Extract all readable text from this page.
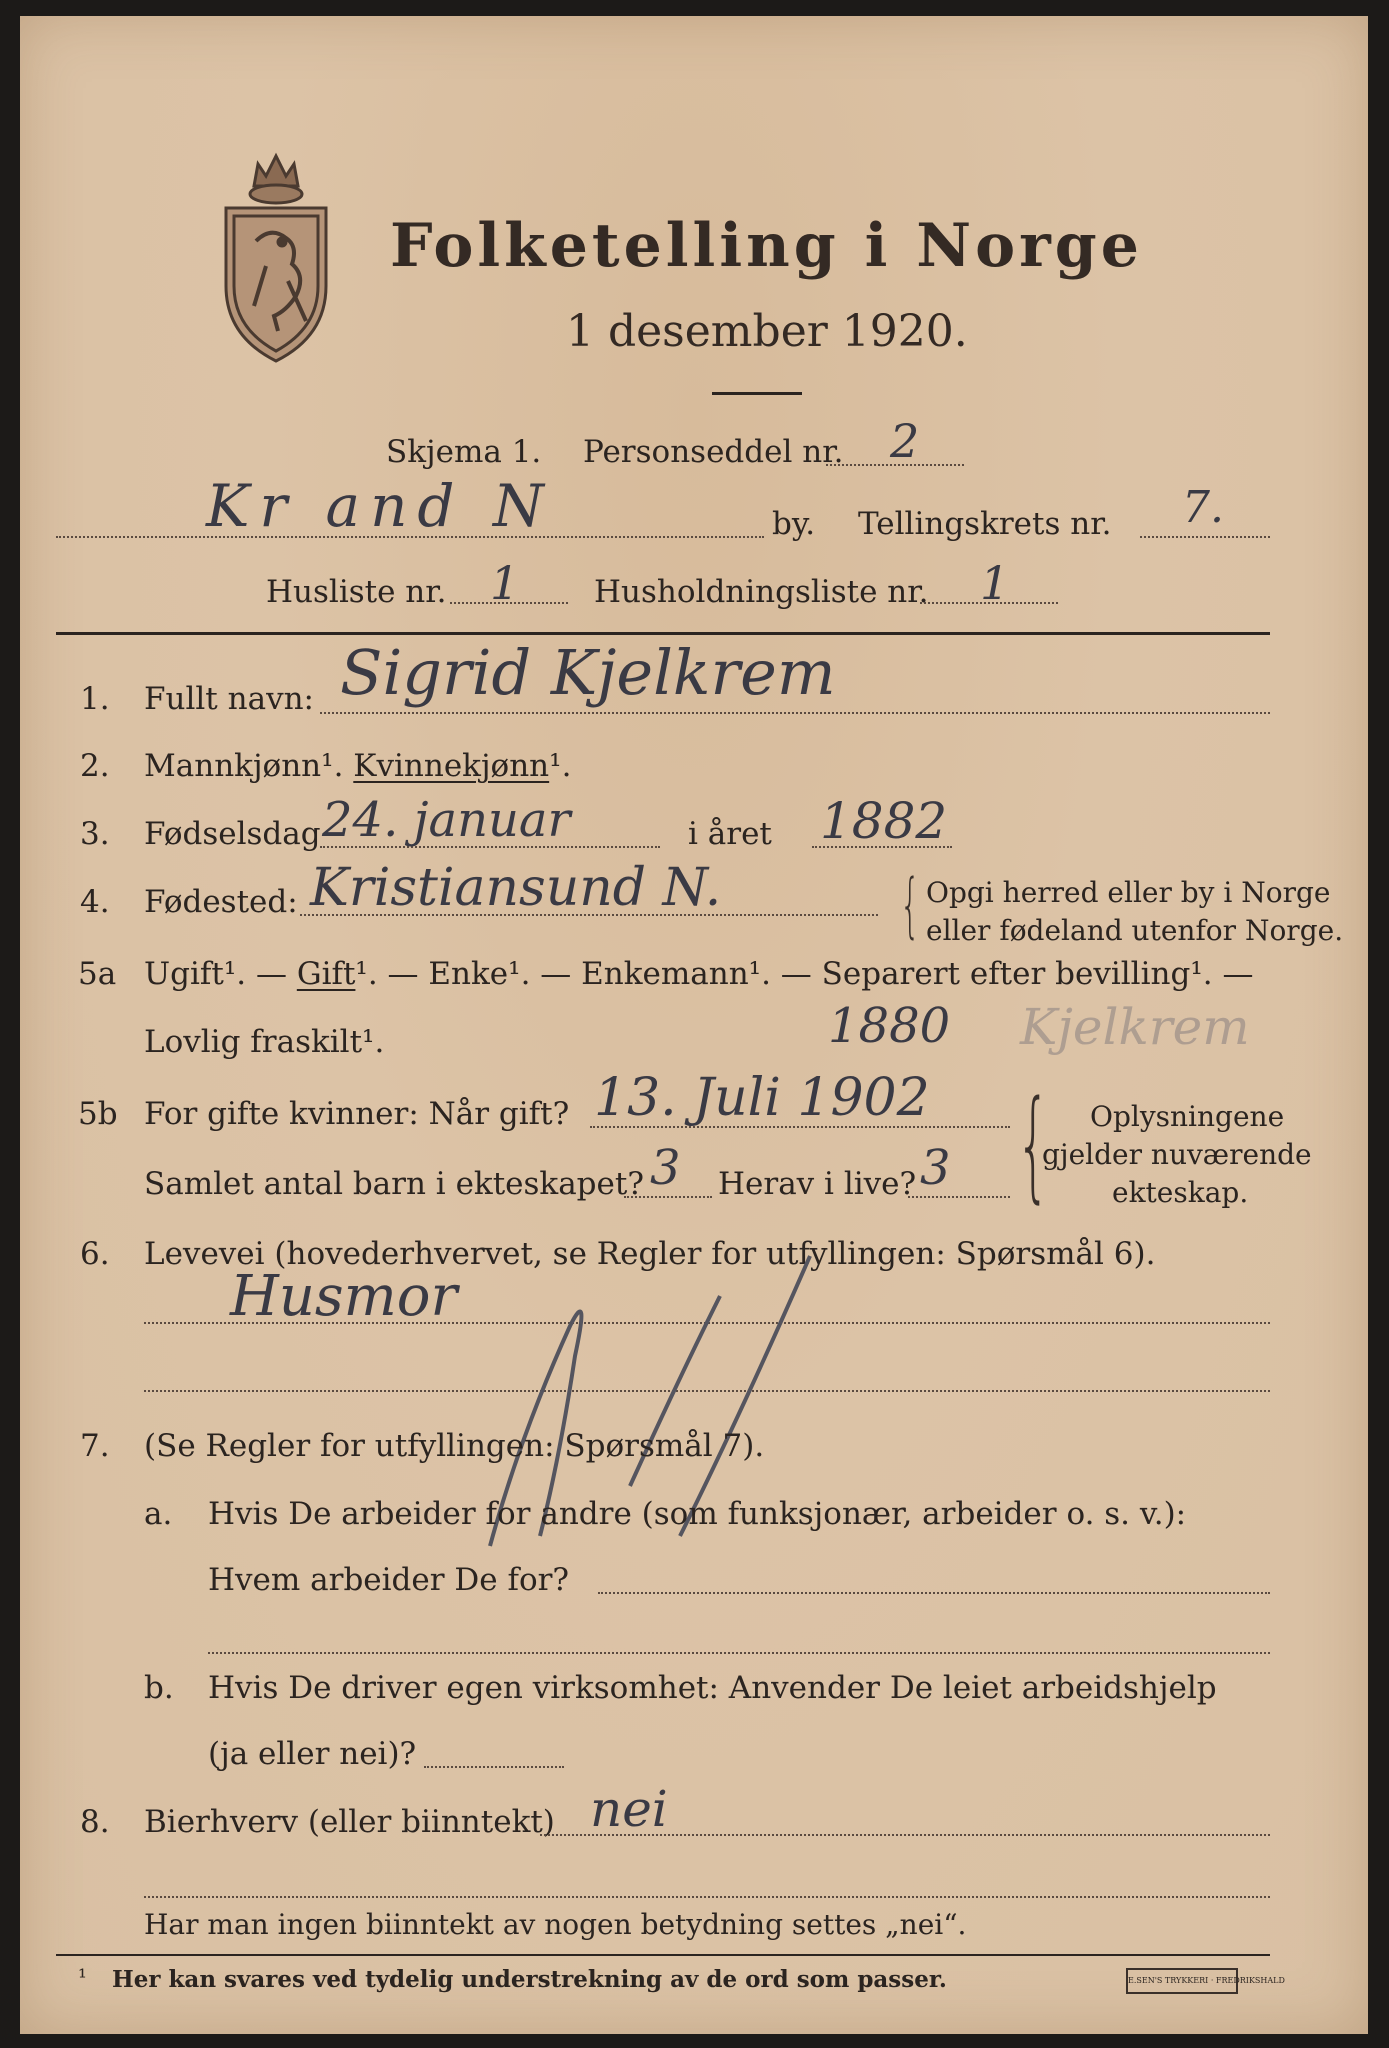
Folketelling i Norge
1 desember 1920.
Skjema 1. Personseddel nr. 2
Kr and N	by. Tellingskrets nr. 7.
Husliste nr. 1 Husholdningsliste nr. 1
1. Fullt navn: Sigrid Kjelkrem
2. Mannkjønn¹. Kvinnekjønn¹.
3. Fødselsdag 24. januar	i året 1882
4. Fødested: Kristiansund N.	{ Opgi herred eller by i Norge
eller fødeland utenfor Norge.
5a Ugift¹. — Gift¹. — Enke¹. — Enkemann¹. — Separert efter bevilling¹. —
Lovlig fraskilt¹.	1880 Kjelkrem
5b For gifte kvinner: Når gift? 13. Juli 1902
Samlet antal barn i ekteskapet? 3 Herav i live? 3 { Oplysningene
gjelder nuværende
ekteskap.
6. Levevei (hovederhvervet, se Regler for utfyllingen: Spørsmål 6).
Husmor
7. (Se Regler for utfyllingen: Spørsmål 7).
a. Hvis De arbeider for andre (som funksjonær, arbeider o. s. v.):
Hvem arbeider De for?
b. Hvis De driver egen virksomhet: Anvender De leiet arbeidshjelp
(ja eller nei)?
8. Bierhverv (eller biinntekt) nei
Har man ingen biinntekt av nogen betydning settes „nei“.
¹ Her kan svares ved tydelig understrekning av de ord som passer.	E.SEN'S TRYKKERI · FREDRIKSHALD
